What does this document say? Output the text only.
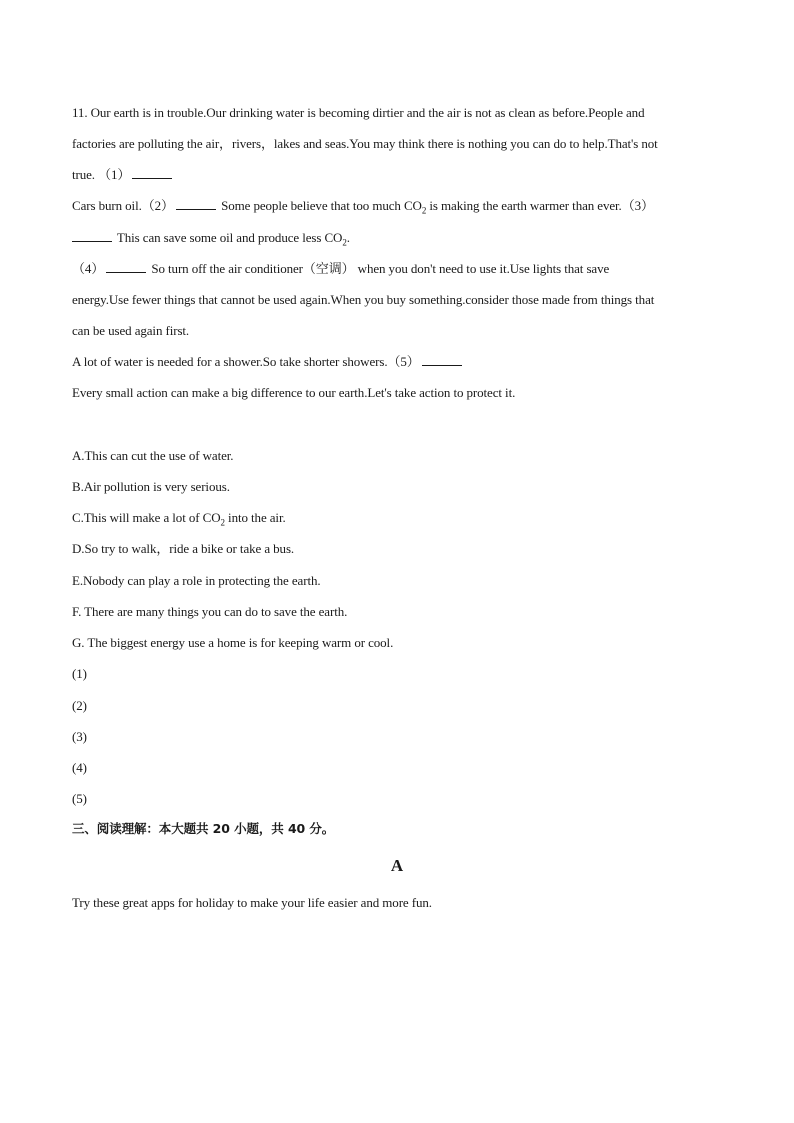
11. Our earth is in trouble.Our drinking water is becoming dirtier and the air is not as clean as before.People and
factories are polluting the air，rivers，lakes and seas.You may think there is nothing you can do to help.That's not
true. （1）
Cars burn oil.（2）	Some people believe that too much $CO_2$ is making the earth warmer than ever.（3）
This can save some oil and produce less $CO_2$.
（4）	So turn off the air conditioner（空调） when you don't need to use it.Use lights that save
energy.Use fewer things that cannot be used again.When you buy something.consider those made from things that
can be used again first.
A lot of water is needed for a shower.So take shorter showers.（5）
Every small action can make a big difference to our earth.Let's take action to protect it.
A.This can cut the use of water.
B.Air pollution is very serious.
C.This will make a lot of $CO_2$ into the air.
D.So try to walk，ride a bike or take a bus.
E.Nobody can play a role in protecting the earth.
F. There are many things you can do to save the earth.
G. The biggest energy use a home is for keeping warm or cool.
(1)
(2)
(3)
(4)
(5)
三、阅读理解：本大题共 20 小题，共 40 分。
A
Try these great apps for holiday to make your life easier and more fun.
